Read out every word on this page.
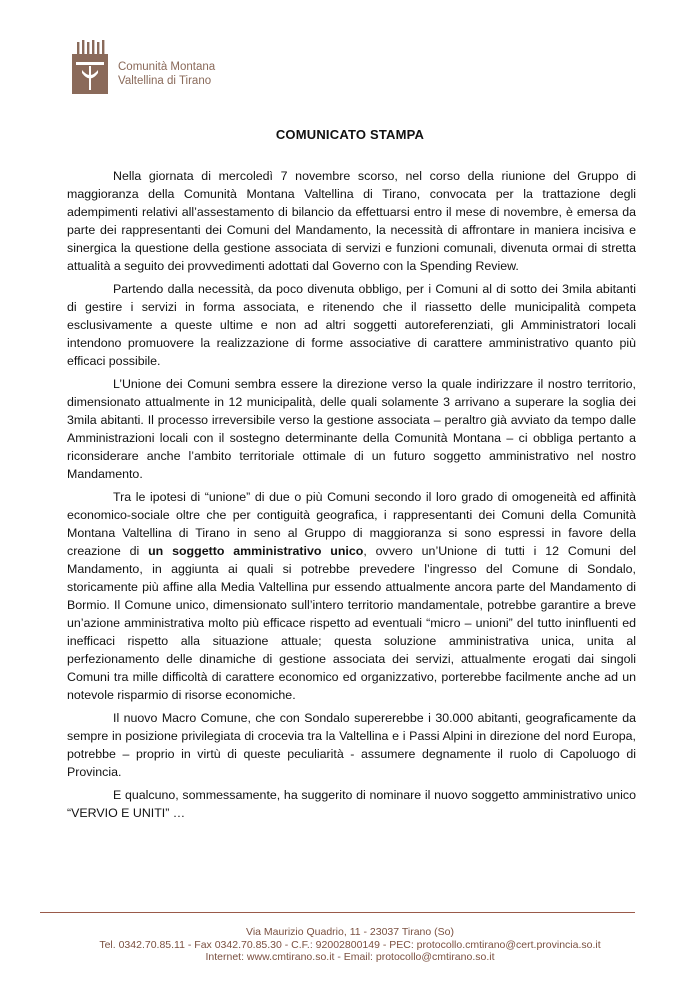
Comunità Montana
Valtellina di Tirano
COMUNICATO STAMPA

Nella giornata di mercoledì 7 novembre scorso, nel corso della riunione del Gruppo di maggioranza della Comunità Montana Valtellina di Tirano, convocata per la trattazione degli adempimenti relativi all’assestamento di bilancio da effettuarsi entro il mese di novembre, è emersa da parte dei rappresentanti dei Comuni del Mandamento, la necessità di affrontare in maniera incisiva e sinergica la questione della gestione associata di servizi e funzioni comunali, divenuta ormai di stretta attualità a seguito dei provvedimenti adottati dal Governo con la Spending Review.

Partendo dalla necessità, da poco divenuta obbligo, per i Comuni al di sotto dei 3mila abitanti di gestire i servizi in forma associata, e ritenendo che il riassetto delle municipalità competa esclusivamente a queste ultime e non ad altri soggetti autoreferenziati, gli Amministratori locali intendono promuovere la realizzazione di forme associative di carattere amministrativo quanto più efficaci possibile.

L’Unione dei Comuni sembra essere la direzione verso la quale indirizzare il nostro territorio, dimensionato attualmente in 12 municipalità, delle quali solamente 3 arrivano a superare la soglia dei 3mila abitanti. Il processo irreversibile verso la gestione associata – peraltro già avviato da tempo dalle Amministrazioni locali con il sostegno determinante della Comunità Montana – ci obbliga pertanto a riconsiderare anche l’ambito territoriale ottimale di un futuro soggetto amministrativo nel nostro Mandamento.

Tra le ipotesi di “unione” di due o più Comuni secondo il loro grado di omogeneità ed affinità economico-sociale oltre che per contiguità geografica, i rappresentanti dei Comuni della Comunità Montana Valtellina di Tirano in seno al Gruppo di maggioranza si sono espressi in favore della creazione di un soggetto amministrativo unico, ovvero un’Unione di tutti i 12 Comuni del Mandamento, in aggiunta ai quali si potrebbe prevedere l’ingresso del Comune di Sondalo, storicamente più affine alla Media Valtellina pur essendo attualmente ancora parte del Mandamento di Bormio. Il Comune unico, dimensionato sull’intero territorio mandamentale, potrebbe garantire a breve un’azione amministrativa molto più efficace rispetto ad eventuali “micro – unioni” del tutto ininfluenti ed inefficaci rispetto alla situazione attuale; questa soluzione amministrativa unica, unita al perfezionamento delle dinamiche di gestione associata dei servizi, attualmente erogati dai singoli Comuni tra mille difficoltà di carattere economico ed organizzativo, porterebbe facilmente anche ad un notevole risparmio di risorse economiche.

Il nuovo Macro Comune, che con Sondalo supererebbe i 30.000 abitanti, geograficamente da sempre in posizione privilegiata di crocevia tra la Valtellina e i Passi Alpini in direzione del nord Europa, potrebbe – proprio in virtù di queste peculiarità - assumere degnamente il ruolo di Capoluogo di Provincia.

E qualcuno, sommessamente, ha suggerito di nominare il nuovo soggetto amministrativo unico “VERVIO E UNITI” …

Via Maurizio Quadrio, 11 - 23037 Tirano (So)
Tel. 0342.70.85.11 - Fax 0342.70.85.30 - C.F.: 92002800149 - PEC: protocollo.cmtirano@cert.provincia.so.it
Internet: www.cmtirano.so.it - Email: protocollo@cmtirano.so.it
